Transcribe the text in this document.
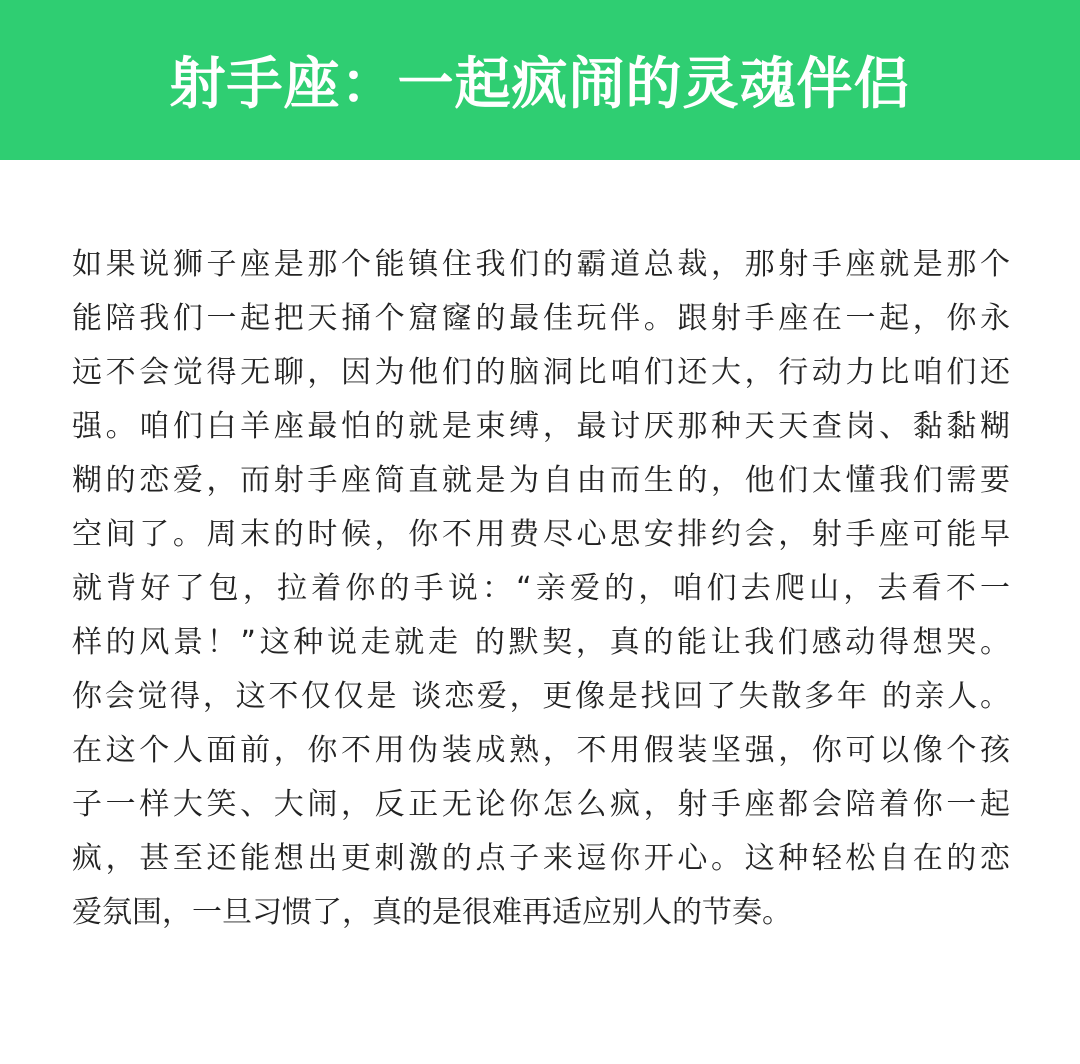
射手座：一起疯闹的灵魂伴侣
如果说狮子座是那个能镇住我们的霸道总裁，那射手座就是那个
能陪我们一起把天捅个窟窿的最佳玩伴。跟射手座在一起，你永
远不会觉得无聊，因为他们的脑洞比咱们还大，行动力比咱们还
强。咱们白羊座最怕的就是束缚，最讨厌那种天天查岗、黏黏糊
糊的恋爱，而射手座简直就是为自由而生的，他们太懂我们需要
空间了。周末的时候，你不用费尽心思安排约会，射手座可能早
就背好了包，拉着你的手说：“亲爱的，咱们去爬山，去看不一
样的风景！”这种说走就走 的默契，真的能让我们感动得想哭。
你会觉得，这不仅仅是 谈恋爱，更像是找回了失散多年 的亲人。
在这个人面前，你不用伪装成熟，不用假装坚强，你可以像个孩
子一样大笑、大闹，反正无论你怎么疯，射手座都会陪着你一起
疯，甚至还能想出更刺激的点子来逗你开心。这种轻松自在的恋
爱氛围，一旦习惯了，真的是很难再适应别人的节奏。
